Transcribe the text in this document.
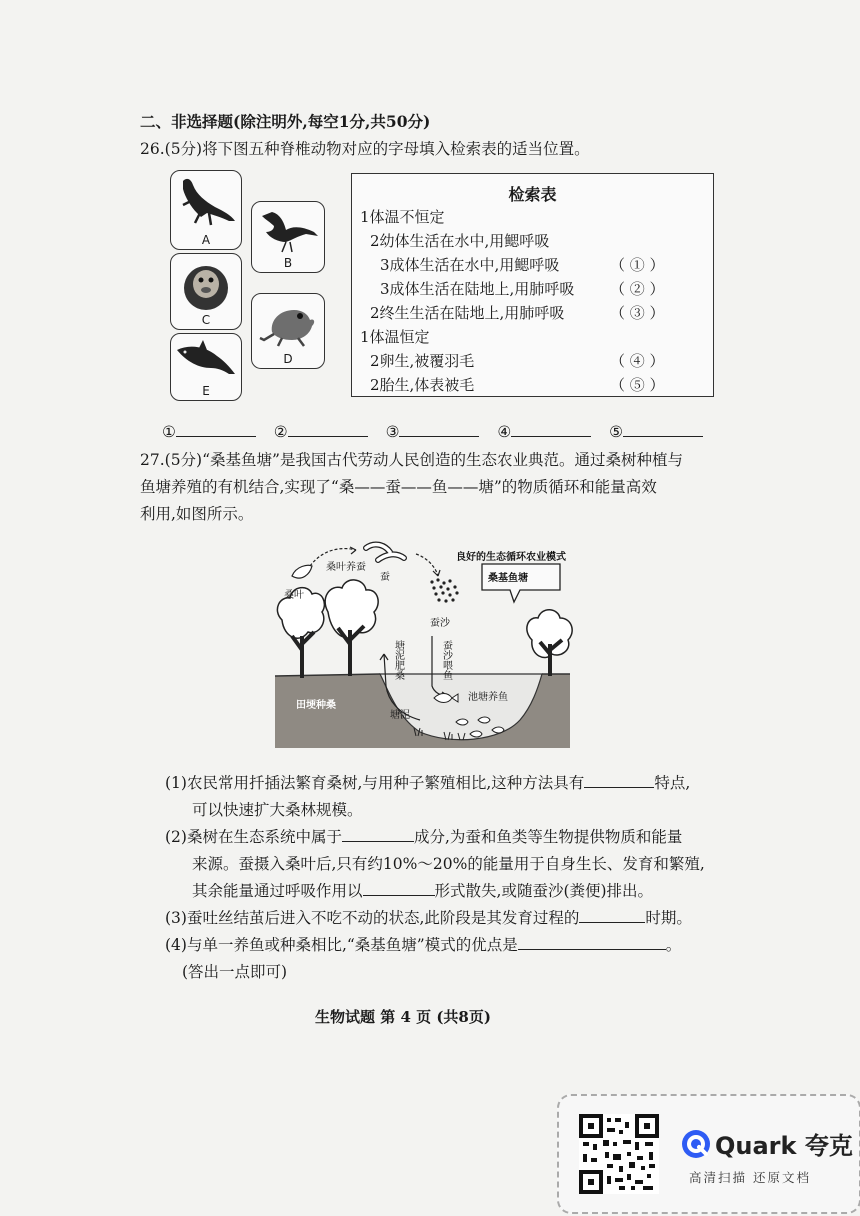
二、非选择题(除注明外,每空1分,共50分)
26.(5分)将下图五种脊椎动物对应的字母填入检索表的适当位置。
A
B
C
D
E
检索表
1体温不恒定
2幼体生活在水中,用鳃呼吸
3成体生活在水中,用鳃呼吸	（ ① ）
3成体生活在陆地上,用肺呼吸 （ ② ）
2终生生活在陆地上,用肺呼吸	（ ③ ）
1体温恒定
2卵生,被覆羽毛	（ ④ ）
2胎生,体表被毛	（ ⑤ ）
①	②	③	④	⑤
27.(5分)“桑基鱼塘”是我国古代劳动人民创造的生态农业典范。通过桑树种植与
鱼塘养殖的有机结合,实现了“桑——蚕——鱼——塘”的物质循环和能量高效
利用,如图所示。
桑叶
桑叶养蚕
蚕
良好的生态循环农业模式
桑基鱼塘
蚕沙
蚕沙喂鱼
塘泥肥桑
田埂种桑
塘泥
池塘养鱼
(1)农民常用扦插法繁育桑树,与用种子繁殖相比,这种方法具有	特点,
可以快速扩大桑林规模。
(2)桑树在生态系统中属于	成分,为蚕和鱼类等生物提供物质和能量
来源。蚕摄入桑叶后,只有约10%～20%的能量用于自身生长、发育和繁殖,
其余能量通过呼吸作用以	形式散失,或随蚕沙(粪便)排出。
(3)蚕吐丝结茧后进入不吃不动的状态,此阶段是其发育过程的	时期。
(4)与单一养鱼或种桑相比,“桑基鱼塘”模式的优点是	。
(答出一点即可)
生物试题 第 4 页 (共8页)
Quark 夸克
高清扫描 还原文档
